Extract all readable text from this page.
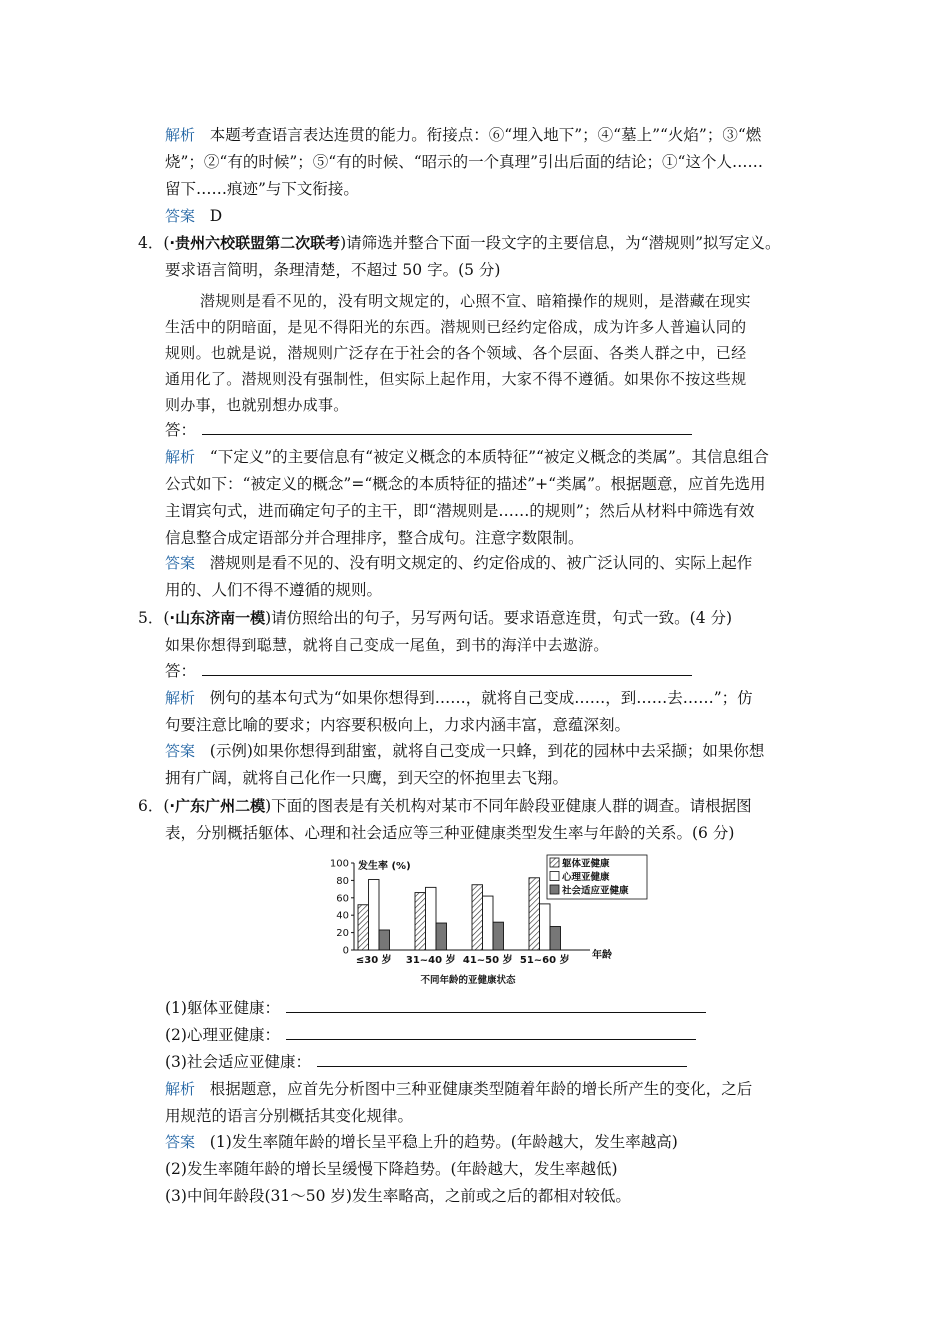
解析 本题考查语言表达连贯的能力。衔接点：⑥“埋入地下”；④“墓上”“火焰”；③“燃
烧”；②“有的时候”；⑤“有的时候、“昭示的一个真理”引出后面的结论；①“这个人……
留下……痕迹”与下文衔接。
答案 D
4．(·贵州六校联盟第二次联考)请筛选并整合下面一段文字的主要信息，为“潜规则”拟写定义。
要求语言简明，条理清楚，不超过 50 字。(5 分)
潜规则是看不见的，没有明文规定的，心照不宣、暗箱操作的规则，是潜藏在现实
生活中的阴暗面，是见不得阳光的东西。潜规则已经约定俗成，成为许多人普遍认同的
规则。也就是说，潜规则广泛存在于社会的各个领域、各个层面、各类人群之中，已经
通用化了。潜规则没有强制性，但实际上起作用，大家不得不遵循。如果你不按这些规
则办事，也就别想办成事。
答：
解析 “下定义”的主要信息有“被定义概念的本质特征”“被定义概念的类属”。其信息组合
公式如下：“被定义的概念”=“概念的本质特征的描述”+“类属”。根据题意，应首先选用
主谓宾句式，进而确定句子的主干，即“潜规则是……的规则”；然后从材料中筛选有效
信息整合成定语部分并合理排序，整合成句。注意字数限制。
答案 潜规则是看不见的、没有明文规定的、约定俗成的、被广泛认同的、实际上起作
用的、人们不得不遵循的规则。
5．(·山东济南一模)请仿照给出的句子，另写两句话。要求语意连贯，句式一致。(4 分)
如果你想得到聪慧，就将自己变成一尾鱼，到书的海洋中去遨游。
答：
解析 例句的基本句式为“如果你想得到……，就将自己变成……，到……去……”；仿
句要注意比喻的要求；内容要积极向上，力求内涵丰富，意蕴深刻。
答案 (示例)如果你想得到甜蜜，就将自己变成一只蜂，到花的园林中去采撷；如果你想
拥有广阔，就将自己化作一只鹰，到天空的怀抱里去飞翔。
6．(·广东广州二模)下面的图表是有关机构对某市不同年龄段亚健康人群的调查。请根据图
表，分别概括躯体、心理和社会适应等三种亚健康类型发生率与年龄的关系。(6 分)
0
20
40
60
80
100 发生率 (%)
≤30 岁 31~40 岁 41~50 岁 51~60 岁 年龄
不同年龄的亚健康状态
躯体亚健康
心理亚健康
社会适应亚健康
(1)躯体亚健康：
(2)心理亚健康：
(3)社会适应亚健康：
解析 根据题意，应首先分析图中三种亚健康类型随着年龄的增长所产生的变化，之后
用规范的语言分别概括其变化规律。
答案 (1)发生率随年龄的增长呈平稳上升的趋势。(年龄越大，发生率越高)
(2)发生率随年龄的增长呈缓慢下降趋势。(年龄越大，发生率越低)
(3)中间年龄段(31～50 岁)发生率略高，之前或之后的都相对较低。
